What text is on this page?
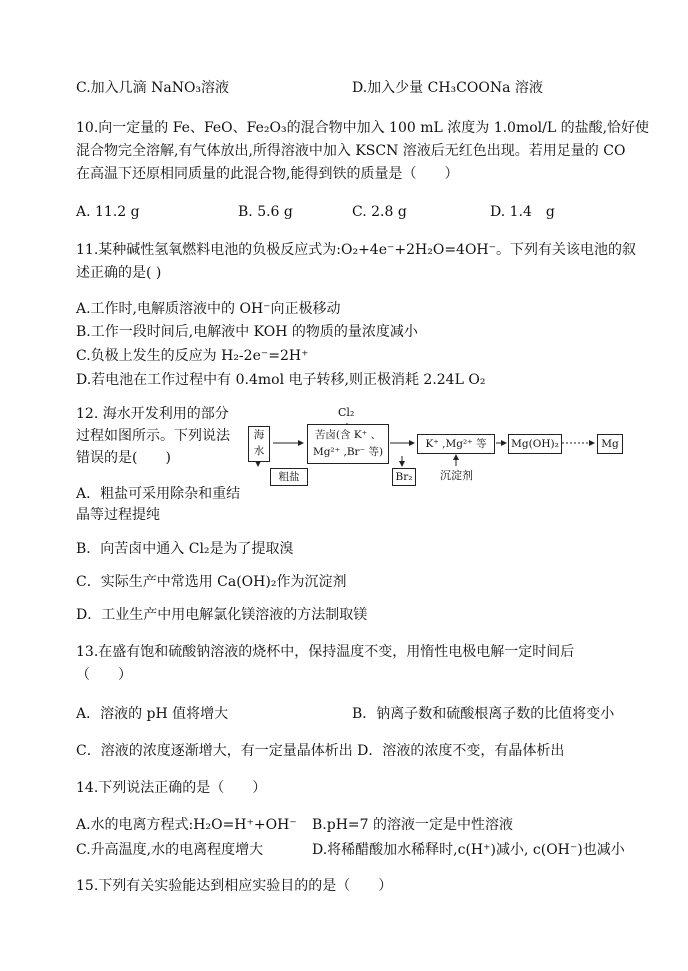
C.加入几滴 NaNO₃溶液	D.加入少量 CH₃COONa 溶液
10.向一定量的 Fe、FeO、Fe₂O₃的混合物中加入 100 mL 浓度为 1.0mol/L 的盐酸,恰好使
混合物完全溶解,有气体放出,所得溶液中加入 KSCN 溶液后无红色出现。若用足量的 CO
在高温下还原相同质量的此混合物,能得到铁的质量是（　　）
A. 11.2 g	B. 5.6 g	C. 2.8 g	D. 1.4　g
11.某种碱性氢氧燃料电池的负极反应式为:O₂+4e⁻+2H₂O=4OH⁻。下列有关该电池的叙
述正确的是( )
A.工作时,电解质溶液中的 OH⁻向正极移动
B.工作一段时间后,电解液中 KOH 的物质的量浓度减小
C.负极上发生的反应为 H₂-2e⁻=2H⁺
D.若电池在工作过程中有 0.4mol 电子转移,则正极消耗 2.24L O₂
12. 海水开发利用的部分
过程如图所示。下列说法
错误的是(　　)
海
水
Cl₂
苦卤(含 K⁺ 、
Mg²⁺ ,Br⁻ 等)
K⁺ ,Mg²⁺ 等	Mg(OH)₂	Mg
粗盐	Br₂	沉淀剂
A．粗盐可采用除杂和重结
晶等过程提纯
B．向苦卤中通入 Cl₂是为了提取溴
C．实际生产中常选用 Ca(OH)₂作为沉淀剂
D．工业生产中用电解氯化镁溶液的方法制取镁
13.在盛有饱和硫酸钠溶液的烧杯中，保持温度不变，用惰性电极电解一定时间后
（　　）
A．溶液的 pH 值将增大	B．钠离子数和硫酸根离子数的比值将变小
C．溶液的浓度逐渐增大，有一定量晶体析出 D．溶液的浓度不变，有晶体析出
14.下列说法正确的是（　　）
A.水的电离方程式:H₂O=H⁺+OH⁻ B.pH=7 的溶液一定是中性溶液
C.升高温度,水的电离程度增大	D.将稀醋酸加水稀释时,c(H⁺)减小, c(OH⁻)也减小
15.下列有关实验能达到相应实验目的的是（　　）
